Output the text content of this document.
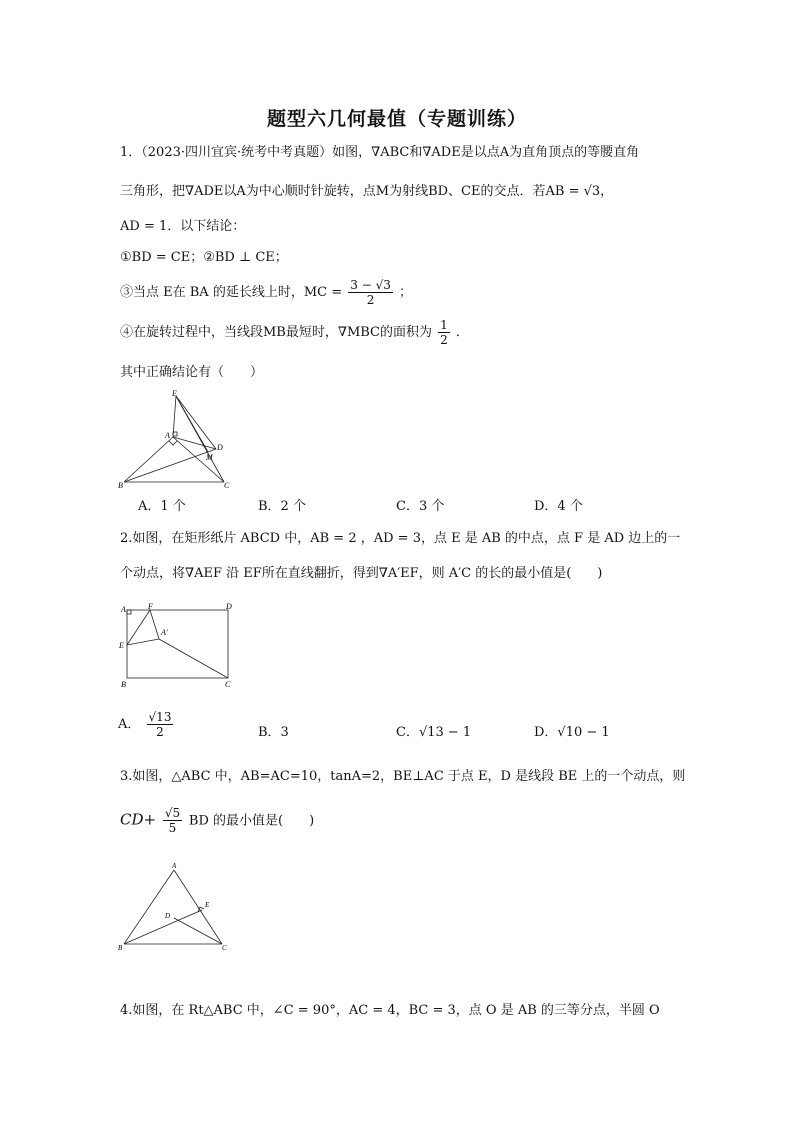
题型六几何最值（专题训练）
1．（2023·四川宜宾·统考中考真题）如图，∇ABC和∇ADE是以点A为直角顶点的等腰直角
三角形，把∇ADE以A为中心顺时针旋转，点M为射线BD、CE的交点．若AB = √3，
AD = 1．以下结论：
①BD = CE；②BD ⊥ CE；
③当点 E在 BA 的延长线上时，MC = $\frac{3 - √3}{2}$ ；
④在旋转过程中，当线段MB最短时，∇MBC的面积为 $\frac{1}{2}$ ．
其中正确结论有（　　）
E
A
D
M
B	C
A．1 个	B．2 个	C．3 个	D．4 个
2.如图，在矩形纸片 ABCD 中，AB = 2 ，AD = 3，点 E 是 AB 的中点，点 F 是 AD 边上的一
个动点，将∇AEF 沿 EF所在直线翻折，得到∇A′EF，则 A′C 的长的最小值是(　　)
A	F	D
A′
E
B	C
A． $\frac{√13}{2}$	B．3	C．√13 − 1	D．√10 − 1
3.如图，△ABC 中，AB=AC=10，tanA=2，BE⊥AC 于点 E，D 是线段 BE 上的一个动点，则
$CD+ \frac{√5}{5}$ BD 的最小值是(　　)
A
E
D
B	C
4.如图，在 Rt△ABC 中，∠C = 90°，AC = 4，BC = 3，点 O 是 AB 的三等分点，半圆 O
